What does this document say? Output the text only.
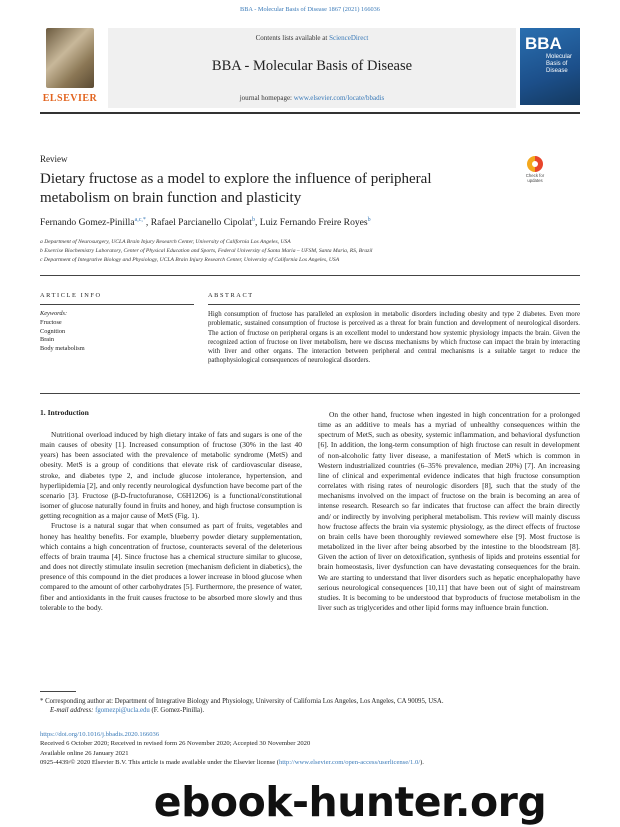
BBA - Molecular Basis of Disease 1867 (2021) 166036
ELSEVIER
Contents lists available at ScienceDirect
BBA - Molecular Basis of Disease
journal homepage: www.elsevier.com/locate/bbadis
BBA
Molecular
Basis of
Disease
Review
Dietary fructose as a model to explore the influence of peripheral metabolism on brain function and plasticity
Check for
updates
Fernando Gomez-Pinilla$^{a,c,*}$, Rafael Parcianello Cipolat$^b$, Luiz Fernando Freire Royes$^b$
a Department of Neurosurgery, UCLA Brain Injury Research Center, University of California Los Angeles, USA
b Exercise Biochemistry Laboratory, Center of Physical Education and Sports, Federal University of Santa Maria – UFSM, Santa Maria, RS, Brazil
c Department of Integrative Biology and Physiology, UCLA Brain Injury Research Center, University of California Los Angeles, USA
ARTICLE INFO
Keywords:
Fructose
Cognition
Brain
Body metabolism
ABSTRACT
High consumption of fructose has paralleled an explosion in metabolic disorders including obesity and type 2 diabetes. Even more problematic, sustained consumption of fructose is perceived as a threat for brain function and development of neurological disorders. The action of fructose on peripheral organs is an excellent model to understand how systemic physiology impacts the brain. Given the recognized action of fructose on liver metabolism, here we discuss mechanisms by which fructose can impact the brain by interacting with liver and other organs. The interaction between peripheral and central mechanisms is a suitable target to reduce the pathophysiological consequences of neurological disorders.
1. Introduction

Nutritional overload induced by high dietary intake of fats and sugars is one of the main causes of obesity [1]. Increased consumption of fructose (30% in the last 40 years) has been associated with the prevalence of metabolic syndrome (MetS) and obesity. MetS is a group of conditions that elevate risk of cardiovascular disease, stroke, and diabetes type 2, and include glucose intolerance, hypertension, and hyperlipidemia [2], and only recently neurological dysfunction have become part of the scenario [3]. Fructose (β-D-fructofuranose, C6H12O6) is a functional/constitutional isomer of glucose naturally found in fruits and honey, and high fructose consumption is getting recognition as a major cause of MetS (Fig. 1).

Fructose is a natural sugar that when consumed as part of fruits, vegetables and honey has healthy benefits. For example, blueberry powder dietary supplementation, which contains a high concentration of fructose, counteracts several of the deleterious effects of brain trauma [4]. Since fructose has a chemical structure similar to glucose, and does not directly stimulate insulin secretion (mechanism deficient in diabetics), the presence of this compound in the diet produces a lower increase in blood glucose when compared to the amount of other carbohydrates [5]. Furthermore, the presence of water, fiber and antioxidants in the fruit causes fructose to be absorbed more slowly and thus tolerable to the body.

On the other hand, fructose when ingested in high concentration for a prolonged time as an additive to meals has a myriad of unhealthy consequences within the spectrum of MetS, such as obesity, systemic inflammation, and behavioral dysfunction [6]. In addition, the long-term consumption of high fructose can result in development of non-alcoholic fatty liver disease, a manifestation of MetS which is common in Western industrialized countries (6–35% prevalence, median 20%) [7]. An increasing line of clinical and experimental evidence indicates that high fructose consumption correlates with rising rates of neurologic disorders [8], such that the study of the mechanisms involved on the impact of fructose on the brain is becoming an area of intense research. Research so far indicates that fructose can affect the brain directly and/ or indirectly by involving peripheral metabolism. This review will mainly discuss how fructose affects the brain via systemic physiology, as the direct effects of fructose on brain cells have been thoroughly reviewed somewhere else [9]. Most fructose is metabolized in the liver after being absorbed by the intestine to the bloodstream [8]. Given the action of liver on detoxification, synthesis of lipids and proteins essential for brain homeostasis, liver dysfunction can have devastating consequences for the brain. We are starting to understand that liver disorders such as hepatic encephalopathy have serious neurological consequences [10,11] that have been out of sight of mainstream studies. It is becoming to be understood that byproducts of fructose metabolism in the liver such as triglycerides and other lipid forms may influence brain function.

* Corresponding author at: Department of Integrative Biology and Physiology, University of California Los Angeles, Los Angeles, CA 90095, USA.
E-mail address: fgomezpi@ucla.edu (F. Gomez-Pinilla).
https://doi.org/10.1016/j.bbadis.2020.166036
Received 6 October 2020; Received in revised form 26 November 2020; Accepted 30 November 2020
Available online 26 January 2021
0925-4439/© 2020 Elsevier B.V. This article is made available under the Elsevier license (http://www.elsevier.com/open-access/userlicense/1.0/).
ebook-hunter.org
